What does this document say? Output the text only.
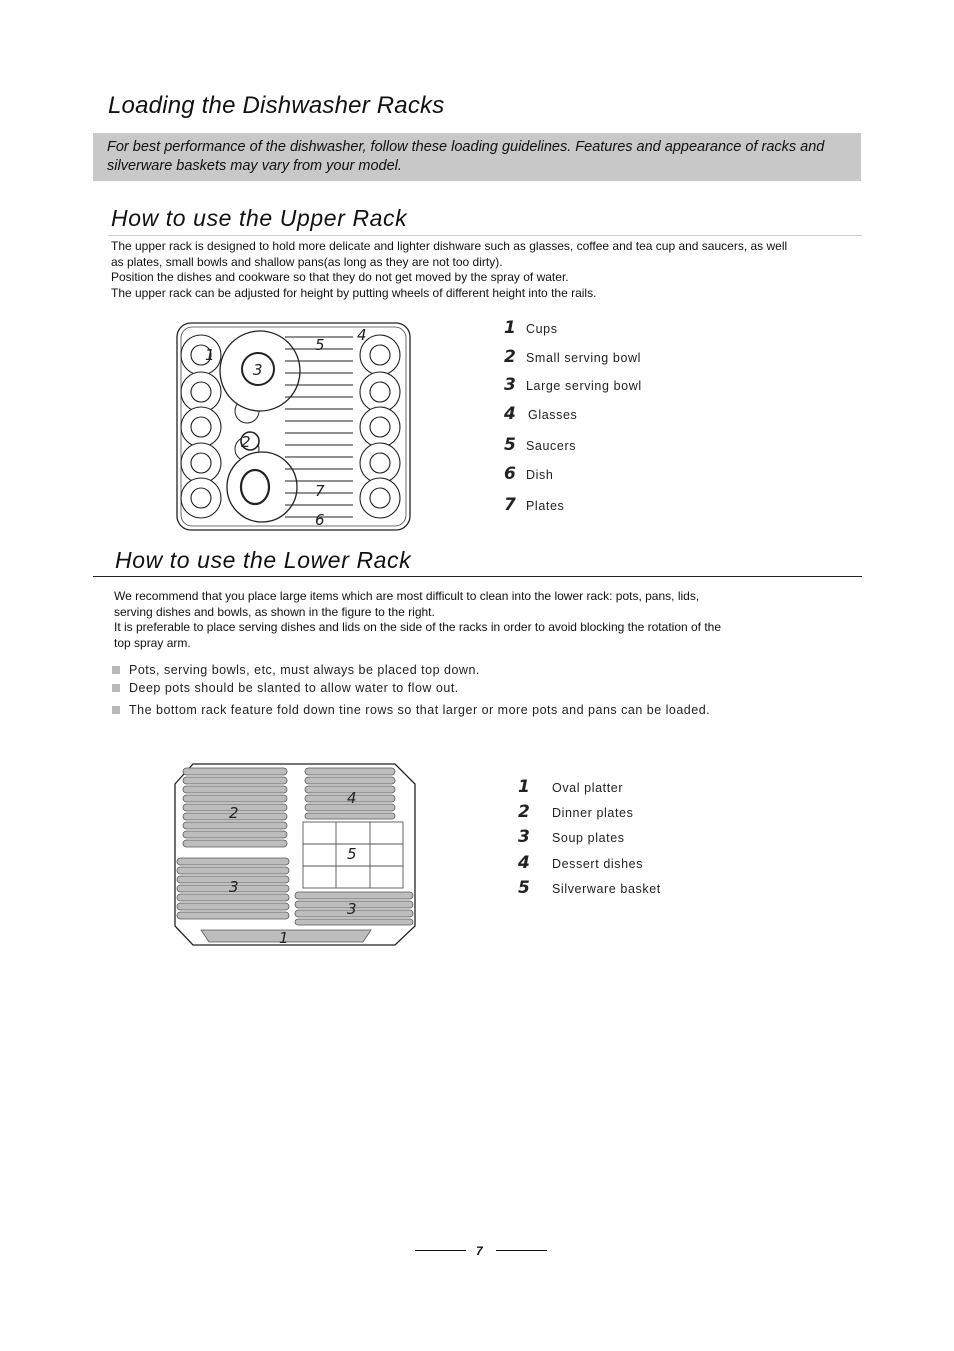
Loading the Dishwasher Racks
For best performance of the dishwasher, follow these loading guidelines. Features and appearance of racks and silverware baskets may vary from your model.
How to use the Upper Rack
The upper rack is designed to hold more delicate and lighter dishware such as glasses, coffee and tea cup and saucers, as well
as plates, small bowls and shallow pans(as long as they are not too dirty).
Position the dishes and cookware so that they do not get moved by the spray of water.
The upper rack can be adjusted for height by putting wheels of different height into the rails.
1
2
3
4
5
6
7
1 Cups
2 Small serving bowl
3 Large serving bowl
4 Glasses
5 Saucers
6 Dish
7 Plates
How to use the Lower Rack
We recommend that you place large items which are most difficult to clean into the lower rack: pots, pans, lids,
serving dishes and bowls, as shown in the figure to the right.
It is preferable to place serving dishes and lids on the side of the racks in order to avoid blocking the rotation of the
top spray arm.
Pots, serving bowls, etc, must always be placed top down.
Deep pots should be slanted to allow water to flow out.
The bottom rack feature fold down tine rows so that larger or more pots and pans can be loaded.
1
2
3
3
4
5
1	Oval platter
2	Dinner plates
3	Soup plates
4	Dessert dishes
5	Silverware basket
7
